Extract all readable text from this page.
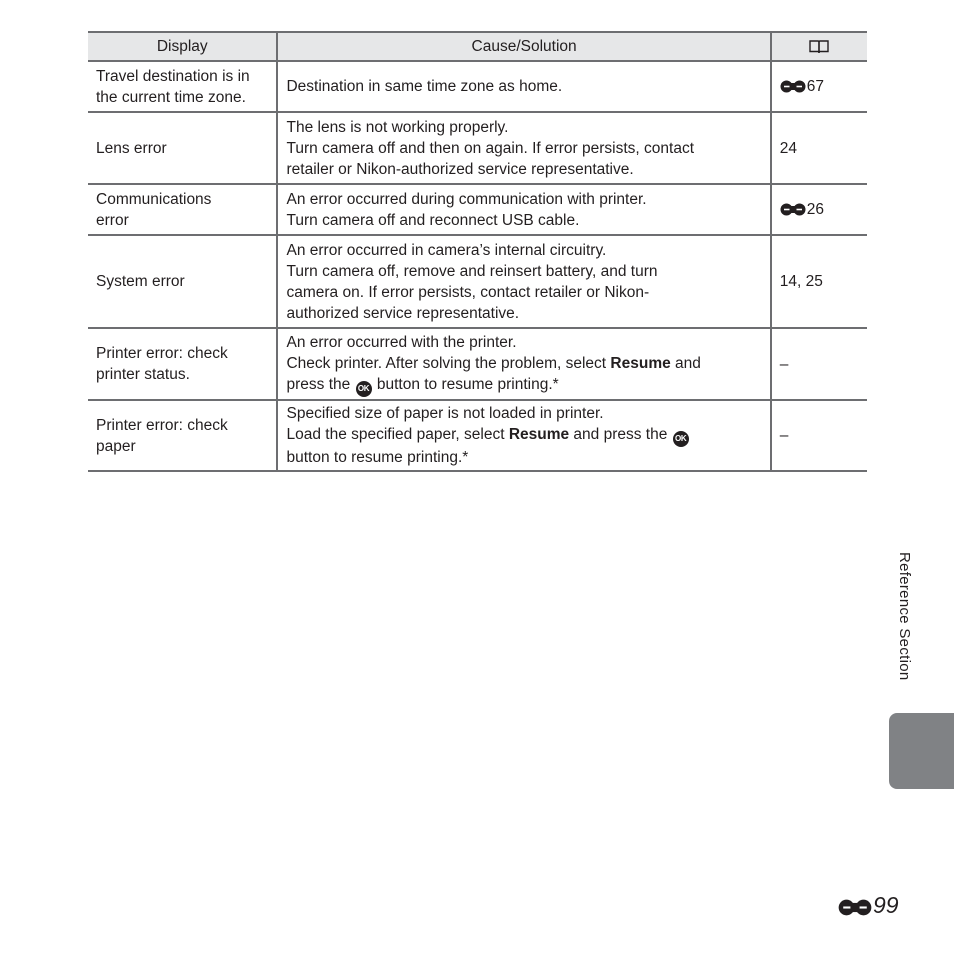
Display	Cause/Solution	

Travel destination is in
the current time zone.	Destination in same time zone as home.	67

Lens error	The lens is not working properly.
Turn camera off and then on again. If error persists, contact
retailer or Nikon-authorized service representative.	24

Communications
error	An error occurred during communication with printer.
Turn camera off and reconnect USB cable.	26

System error	An error occurred in camera’s internal circuitry.
Turn camera off, remove and reinsert battery, and turn
camera on. If error persists, contact retailer or Nikon-
authorized service representative.	14, 25

Printer error: check
printer status.	An error occurred with the printer.
Check printer. After solving the problem, select Resume and
press the OK button to resume printing.*	–

Printer error: check
paper	Specified size of paper is not loaded in printer.
Load the specified paper, select Resume and press the OK
button to resume printing.*	–
Reference Section
99
